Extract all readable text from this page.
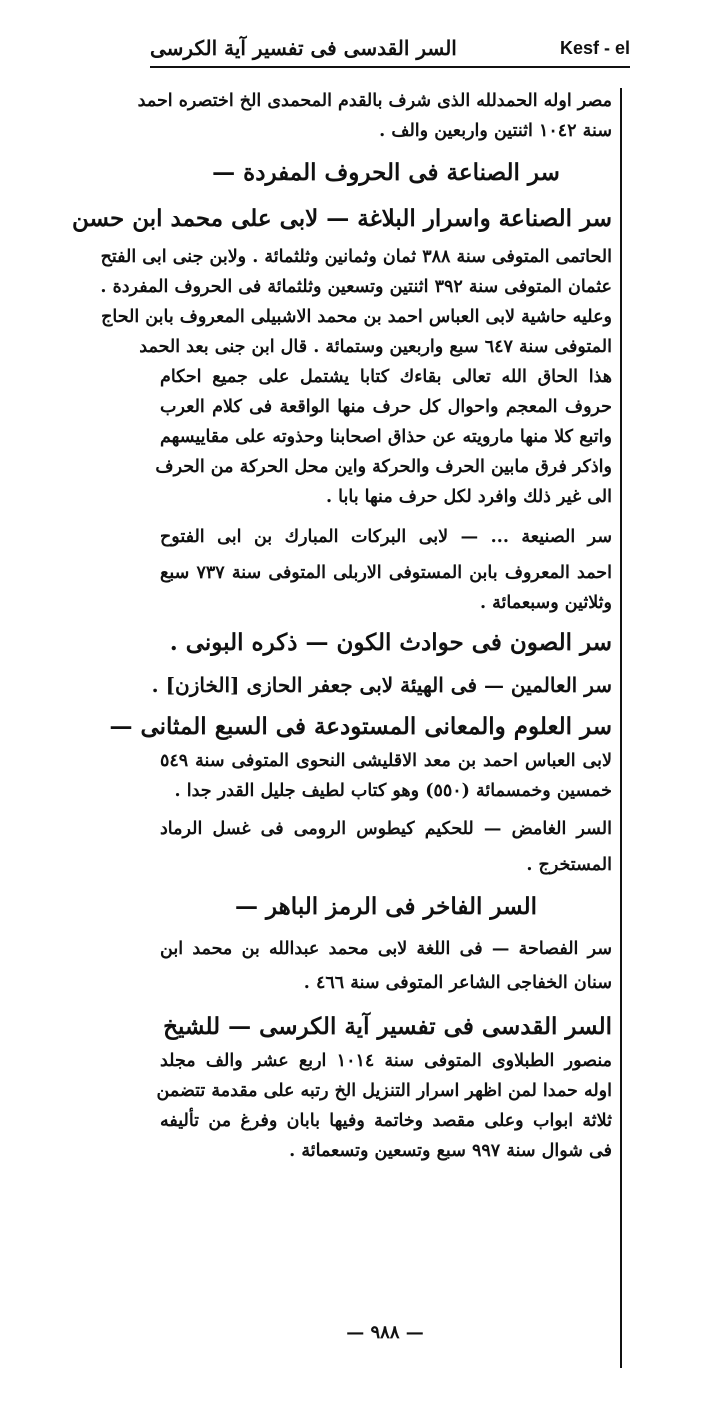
السر القدسى فى تفسير آية الكرسى	Kesf - el
مصر اوله الحمدلله الذى شرف بالقدم المحمدى الخ اختصره احمد
سنة ١٠٤٢ اثنتين واربعين والف .
سر الصناعة فى الحروف المفردة —
سر الصناعة واسرار البلاغة — لابى على محمد ابن حسن
الحاتمى المتوفى سنة ٣٨٨ ثمان وثمانين وثلثمائة . ولابن جنى ابى الفتح
عثمان المتوفى سنة ٣٩٢ اثنتين وتسعين وثلثمائة فى الحروف المفردة .
وعليه حاشية لابى العباس احمد بن محمد الاشبيلى المعروف بابن الحاج
المتوفى سنة ٦٤٧ سبع واربعين وستمائة . قال ابن جنى بعد الحمد
هذا الحاق الله تعالى بقاءك كتابا يشتمل على جميع احكام
حروف المعجم واحوال كل حرف منها الواقعة فى كلام العرب
واتبع كلا منها مارويته عن حذاق اصحابنا وحذوته على مقاييسهم
واذكر فرق مابين الحرف والحركة واين محل الحركة من الحرف
الى غير ذلك وافرد لكل حرف منها بابا .
سر الصنيعة ... — لابى البركات المبارك بن ابى الفتوح
احمد المعروف بابن المستوفى الاربلى المتوفى سنة ٧٣٧ سبع
وثلاثين وسبعمائة .
سر الصون فى حوادث الكون — ذكره البونى .
سر العالمين — فى الهيئة لابى جعفر الحازى [الخازن] .
سر العلوم والمعانى المستودعة فى السبع المثانى —
لابى العباس احمد بن معد الاقليشى النحوى المتوفى سنة ٥٤٩
خمسين وخمسمائة (٥٥٠) وهو كتاب لطيف جليل القدر جدا .
السر الغامض — للحكيم كيطوس الرومى فى غسل الرماد
المستخرج .
السر الفاخر فى الرمز الباهر —
سر الفصاحة — فى اللغة لابى محمد عبدالله بن محمد ابن
سنان الخفاجى الشاعر المتوفى سنة ٤٦٦ .
السر القدسى فى تفسير آية الكرسى — للشيخ
منصور الطبلاوى المتوفى سنة ١٠١٤ اربع عشر والف مجلد
اوله حمدا لمن اظهر اسرار التنزيل الخ رتبه على مقدمة تتضمن
ثلاثة ابواب وعلى مقصد وخاتمة وفيها بابان وفرغ من تأليفه
فى شوال سنة ٩٩٧ سبع وتسعين وتسعمائة .
— ٩٨٨ —
